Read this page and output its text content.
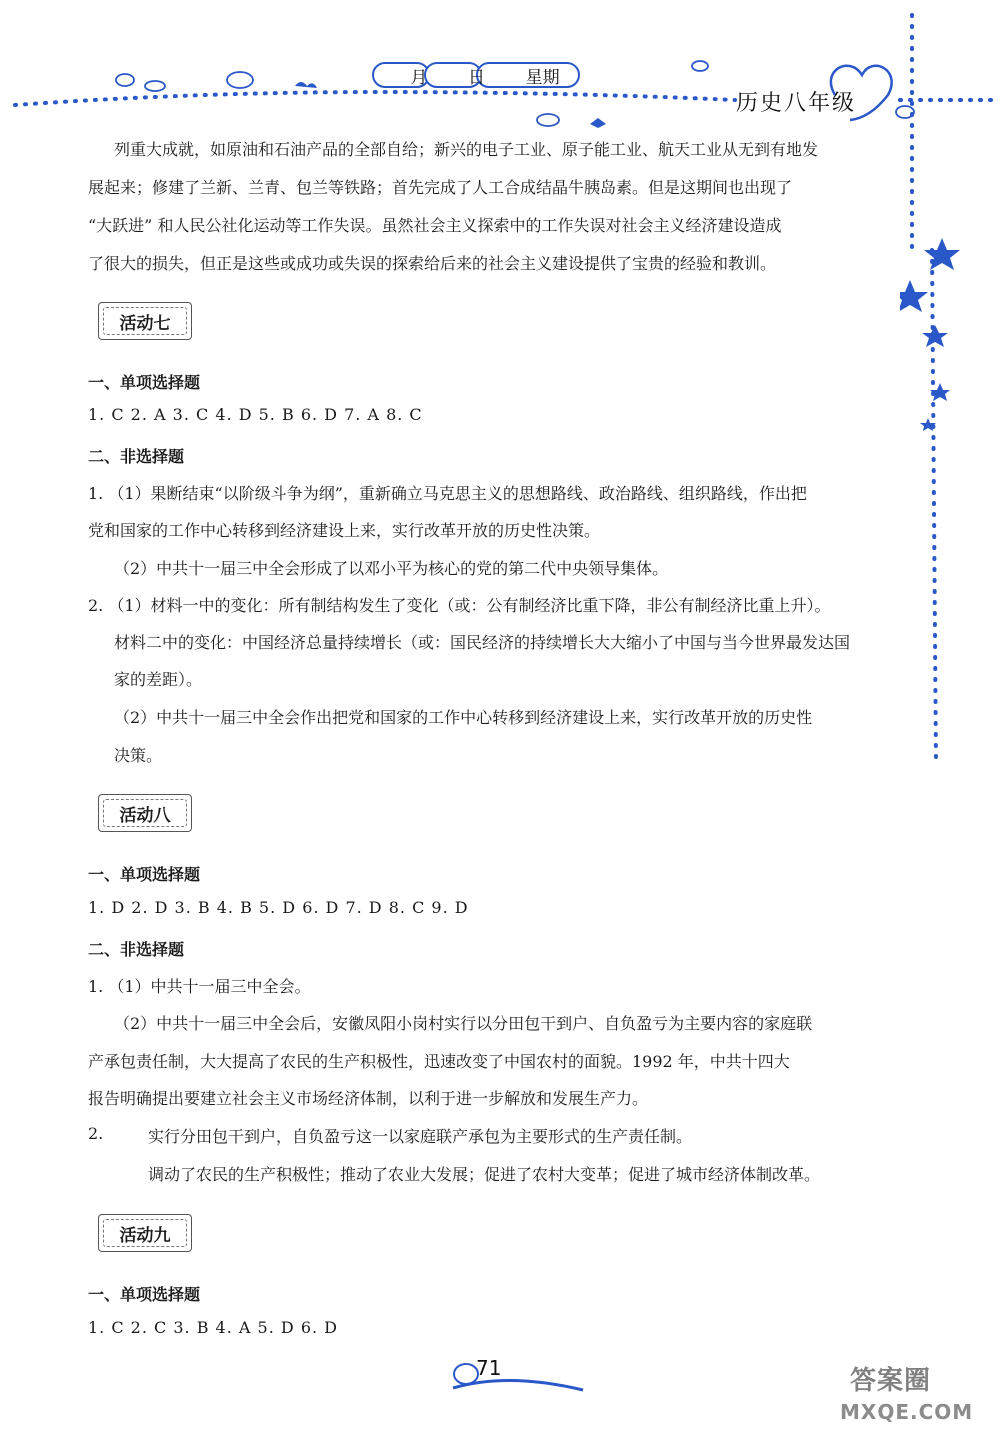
月	日	星期
历史八年级
列重大成就，如原油和石油产品的全部自给；新兴的电子工业、原子能工业、航天工业从无到有地发
展起来；修建了兰新、兰青、包兰等铁路；首先完成了人工合成结晶牛胰岛素。但是这期间也出现了
“大跃进” 和人民公社化运动等工作失误。虽然社会主义探索中的工作失误对社会主义经济建设造成
了很大的损失，但正是这些或成功或失误的探索给后来的社会主义建设提供了宝贵的经验和教训。
活动七
一、单项选择题
1. C 2. A 3. C 4. D 5. B 6. D 7. A 8. C
二、非选择题
1. （1）果断结束“以阶级斗争为纲”，重新确立马克思主义的思想路线、政治路线、组织路线，作出把
党和国家的工作中心转移到经济建设上来，实行改革开放的历史性决策。
（2）中共十一届三中全会形成了以邓小平为核心的党的第二代中央领导集体。
2. （1）材料一中的变化：所有制结构发生了变化（或：公有制经济比重下降，非公有制经济比重上升）。
材料二中的变化：中国经济总量持续增长（或：国民经济的持续增长大大缩小了中国与当今世界最发达国
家的差距）。
（2）中共十一届三中全会作出把党和国家的工作中心转移到经济建设上来，实行改革开放的历史性
决策。
活动八
一、单项选择题
1. D 2. D 3. B 4. B 5. D 6. D 7. D 8. C 9. D
二、非选择题
1. （1）中共十一届三中全会。
（2）中共十一届三中全会后，安徽凤阳小岗村实行以分田包干到户、自负盈亏为主要内容的家庭联
产承包责任制，大大提高了农民的生产积极性，迅速改变了中国农村的面貌。1992 年，中共十四大
报告明确提出要建立社会主义市场经济体制，以利于进一步解放和发展生产力。
2.	实行分田包干到户，自负盈亏这一以家庭联产承包为主要形式的生产责任制。
调动了农民的生产积极性；推动了农业大发展；促进了农村大变革；促进了城市经济体制改革。
活动九
一、单项选择题
1. C 2. C 3. B 4. A 5. D 6. D
71	答案圈
MXQE.COM
